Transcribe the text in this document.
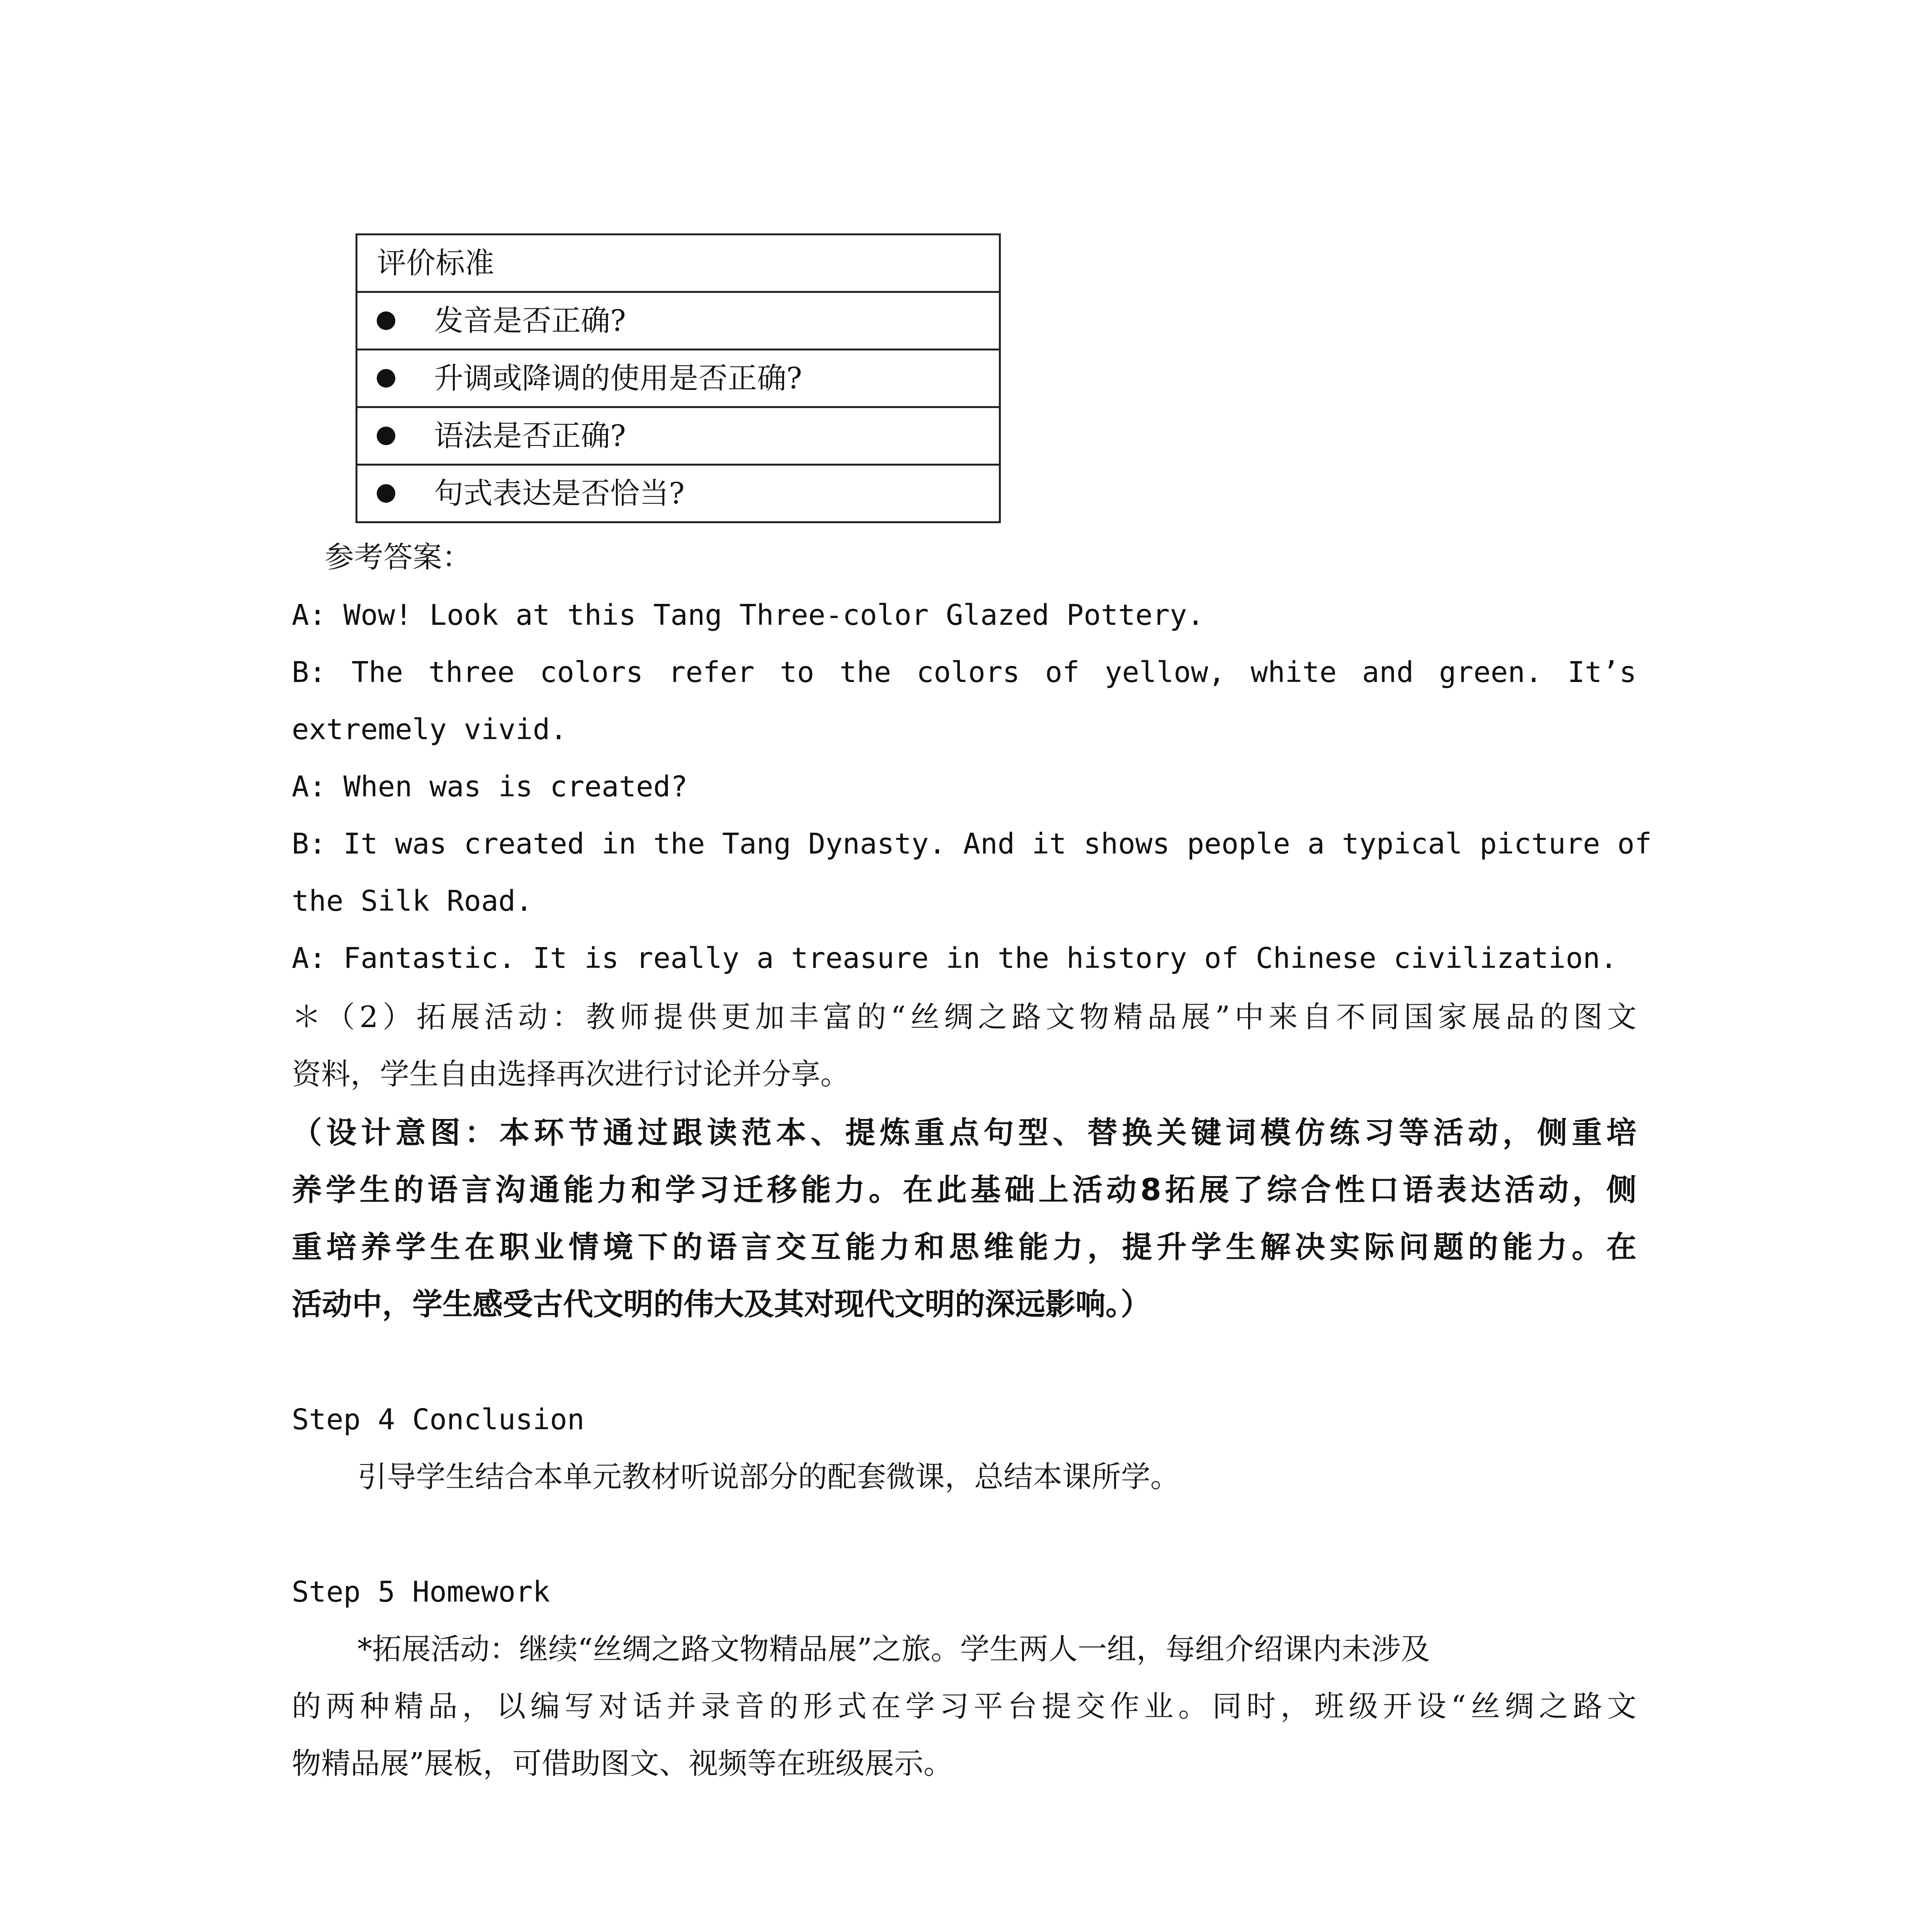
评价标准
发音是否正确?
升调或降调的使用是否正确?
语法是否正确?
句式表达是否恰当?
参考答案：
A: Wow! Look at this Tang Three-color Glazed Pottery.
B: The three colors refer to the colors of yellow, white and green. It’s
extremely vivid.
A: When was is created?
B: It was created in the Tang Dynasty. And it shows people a typical picture of
the Silk Road.
A: Fantastic. It is really a treasure in the history of Chinese civilization.
＊（2）拓展活动：教师提供更加丰富的“丝绸之路文物精品展”中来自不同国家展品的图文
资料，学生自由选择再次进行讨论并分享。
（设计意图：本环节通过跟读范本、提炼重点句型、替换关键词模仿练习等活动，侧重培
养学生的语言沟通能力和学习迁移能力。在此基础上活动8拓展了综合性口语表达活动，侧
重培养学生在职业情境下的语言交互能力和思维能力，提升学生解决实际问题的能力。在
活动中，学生感受古代文明的伟大及其对现代文明的深远影响。）
Step 4 Conclusion
引导学生结合本单元教材听说部分的配套微课，总结本课所学。
Step 5 Homework
*拓展活动：继续“丝绸之路文物精品展”之旅。学生两人一组，每组介绍课内未涉及
的两种精品，以编写对话并录音的形式在学习平台提交作业。同时，班级开设“丝绸之路文
物精品展”展板，可借助图文、视频等在班级展示。
